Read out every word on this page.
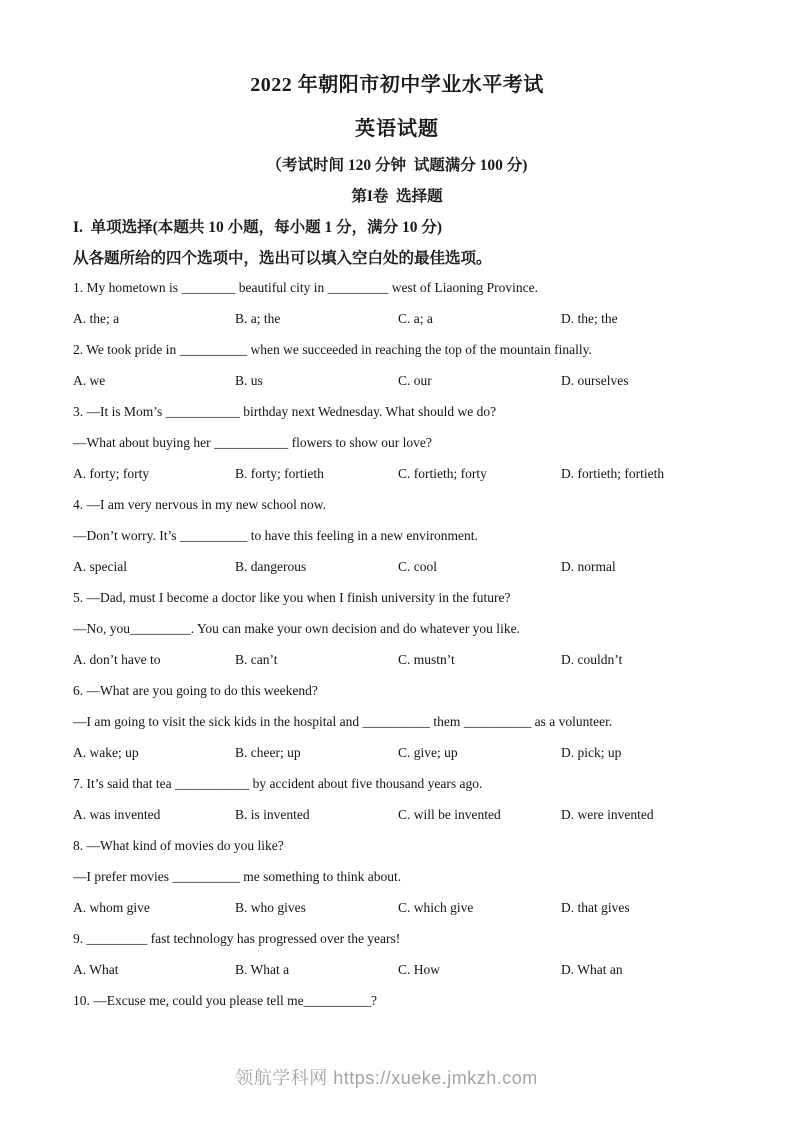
2022 年朝阳市初中学业水平考试
英语试题
（考试时间 120 分钟  试题满分 100 分)
第I卷  选择题
I.  单项选择(本题共 10 小题，每小题 1 分，满分 10 分)
从各题所给的四个选项中，选出可以填入空白处的最佳选项。
1. My hometown is ________ beautiful city in _________ west of Liaoning Province.
A. the; a	B. a; the	C. a; a	D. the; the
2. We took pride in __________ when we succeeded in reaching the top of the mountain finally.
A. we	B. us	C. our	D. ourselves
3. —It is Mom’s ___________ birthday next Wednesday. What should we do?
—What about buying her ___________ flowers to show our love?
A. forty; forty	B. forty; fortieth	C. fortieth; forty	D. fortieth; fortieth
4. —I am very nervous in my new school now.
—Don’t worry. It’s __________ to have this feeling in a new environment.
A. special	B. dangerous	C. cool	D. normal
5. —Dad, must I become a doctor like you when I finish university in the future?
—No, you_________. You can make your own decision and do whatever you like.
A. don’t have to	B. can’t	C. mustn’t	D. couldn’t
6. —What are you going to do this weekend?
—I am going to visit the sick kids in the hospital and __________ them __________ as a volunteer.
A. wake; up	B. cheer; up	C. give; up	D. pick; up
7. It’s said that tea ___________ by accident about five thousand years ago.
A. was invented	B. is invented	C. will be invented	D. were invented
8. —What kind of movies do you like?
—I prefer movies __________ me something to think about.
A. whom give	B. who gives	C. which give	D. that gives
9. _________ fast technology has progressed over the years!
A. What	B. What a	C. How	D. What an
10. —Excuse me, could you please tell me__________?
领航学科网 https://xueke.jmkzh.com
